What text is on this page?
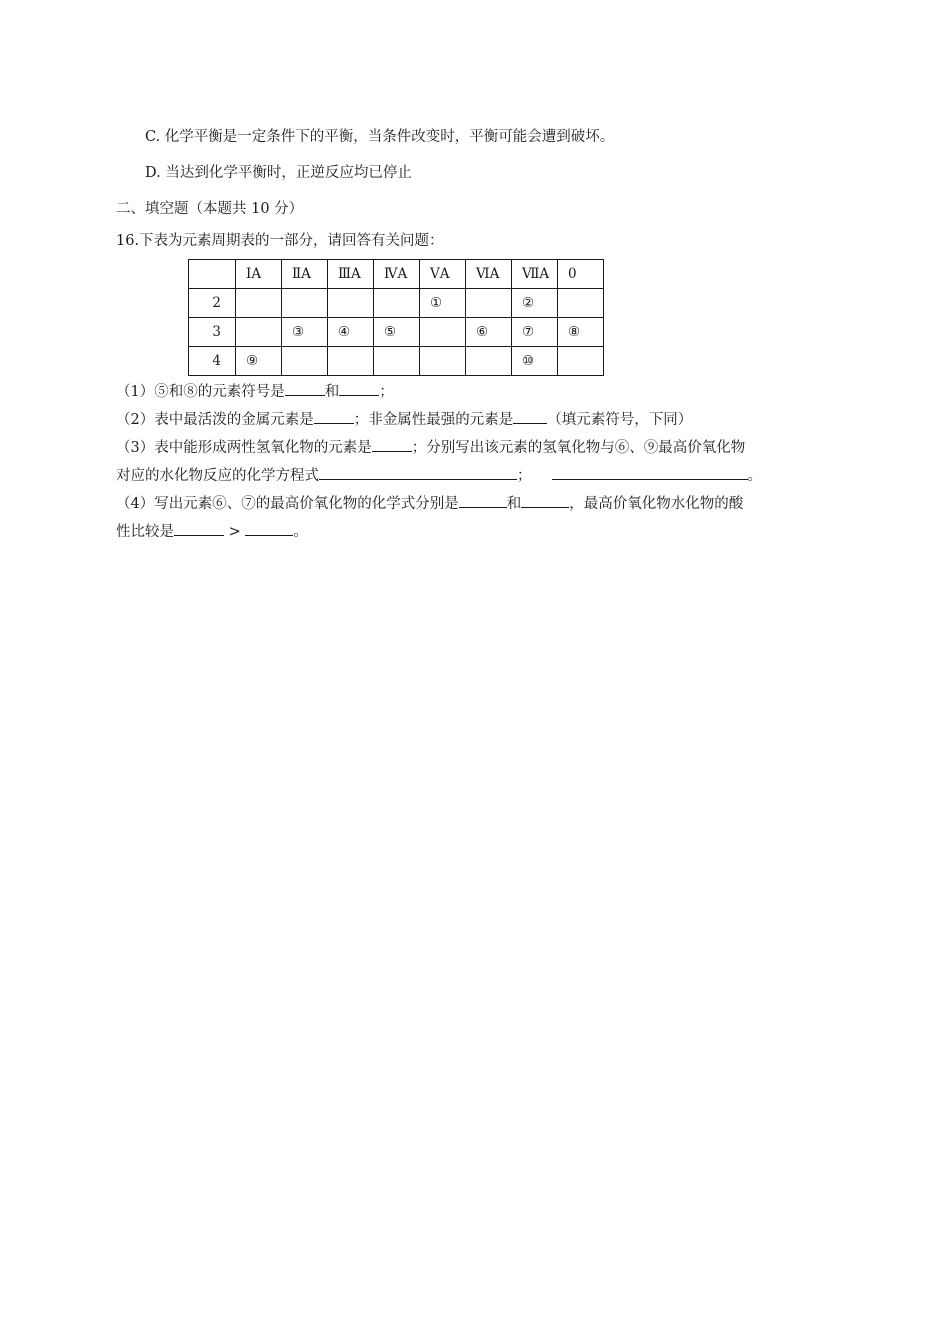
C. 化学平衡是一定条件下的平衡，当条件改变时，平衡可能会遭到破坏。
D. 当达到化学平衡时，正逆反应均已停止
二、填空题（本题共 10 分）
16.下表为元素周期表的一部分，请回答有关问题：
	ⅠA	ⅡA	ⅢA	ⅣA	ⅤA	ⅥA	ⅦA	0
2					①		②	
3		③	④	⑤		⑥	⑦	⑧
4	⑨						⑩	
（1）⑤和⑧的元素符号是	和	；
（2）表中最活泼的金属元素是	；非金属性最强的元素是 （填元素符号，下同）
（3）表中能形成两性氢氧化物的元素是	；分别写出该元素的氢氧化物与⑥、⑨最高价氧化物
对应的水化物反应的化学方程式	；	。
（4）写出元素⑥、⑦的最高价氧化物的化学式分别是	和	，最高价氧化物水化物的酸
性比较是	>	。
